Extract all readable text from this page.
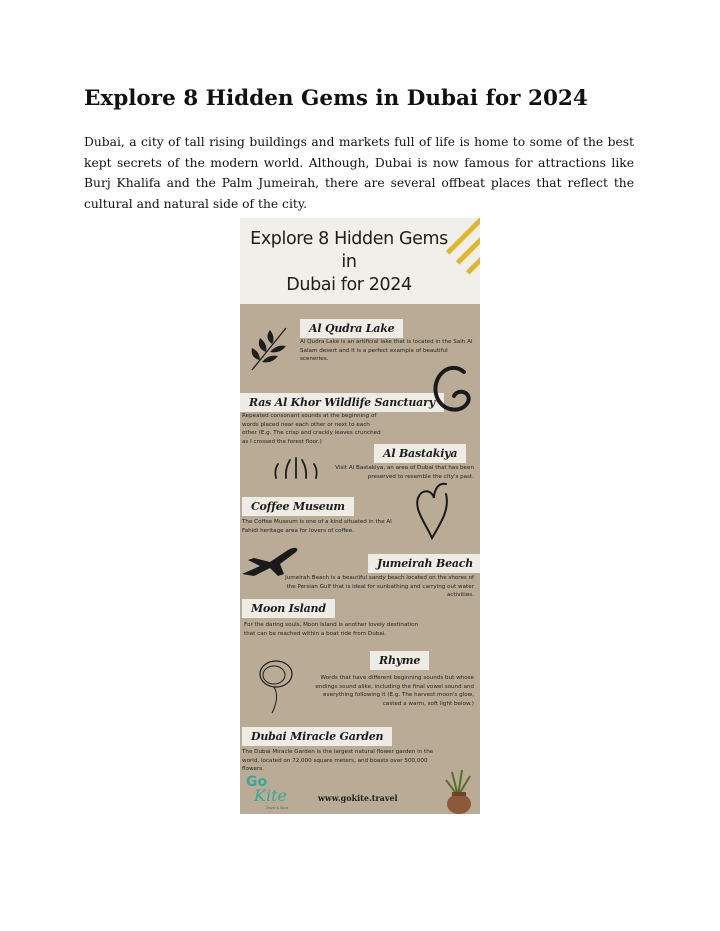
Explore 8 Hidden Gems in Dubai for 2024

Dubai, a city of tall rising buildings and markets full of life is home to some of the best kept secrets of the modern world. Although, Dubai is now famous for attractions like Burj Khalifa and the Palm Jumeirah, there are several offbeat places that reflect the cultural and natural side of the city.

Explore 8 Hidden Gems in
Dubai for 2024
Al Qudra Lake
Al Qudra Lake is an artificial lake that is located in the Saih Al Salam desert and it is a perfect example of beautiful sceneries.
Ras Al Khor Wildlife Sanctuary
Repeated consonant sounds at the beginning of words placed near each other or next to each other (E.g. The crisp and crackly leaves crunched as I crossed the forest floor.)
Al Bastakiya
Visit Al Bastakiya, an area of Dubai that has been preserved to resemble the city's past.
Coffee Museum
The Coffee Museum is one of a kind situated in the Al Fahidi heritage area for lovers of coffee.
Jumeirah Beach
Jumeirah Beach is a beautiful sandy beach located on the shores of the Persian Gulf that is ideal for sunbathing and carrying out water activities.
Moon Island
For the daring souls, Moon Island is another lovely destination that can be reached within a boat ride from Dubai.
Rhyme
Words that have different beginning sounds but whose endings sound alike, including the final vowel sound and everything following it (E.g. The harvest moon's glow, casted a warm, soft light below.)
Dubai Miracle Garden
The Dubai Miracle Garden is the largest natural flower garden in the world, located on 72,000 square meters, and boasts over 500,000 flowers.
Go
Kite
Travel & Tours
www.gokite.travel
